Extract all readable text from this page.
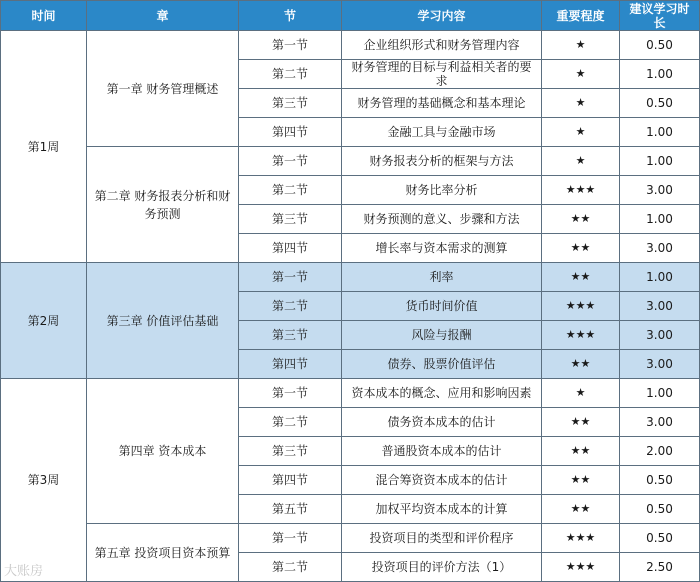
时间	章	节	学习内容	重要程度	建议学习时长
第1周	第一章 财务管理概述	第一节	企业组织形式和财务管理内容	★	0.50
		第二节	财务管理的目标与利益相关者的要求	★	1.00
		第三节	财务管理的基础概念和基本理论	★	0.50
		第四节	金融工具与金融市场	★	1.00
	第二章 财务报表分析和财务预测	第一节	财务报表分析的框架与方法	★	1.00
		第二节	财务比率分析	★★★	3.00
		第三节	财务预测的意义、步骤和方法	★★	1.00
		第四节	增长率与资本需求的测算	★★	3.00
第2周	第三章 价值评估基础	第一节	利率	★★	1.00
		第二节	货币时间价值	★★★	3.00
		第三节	风险与报酬	★★★	3.00
		第四节	债券、股票价值评估	★★	3.00
第3周	第四章 资本成本	第一节	资本成本的概念、应用和影响因素	★	1.00
		第二节	债务资本成本的估计	★★	3.00
		第三节	普通股资本成本的估计	★★	2.00
		第四节	混合筹资资本成本的估计	★★	0.50
		第五节	加权平均资本成本的计算	★★	0.50
	第五章 投资项目资本预算	第一节	投资项目的类型和评价程序	★★★	0.50
		第二节	投资项目的评价方法（1）	★★★	2.50
大账房
